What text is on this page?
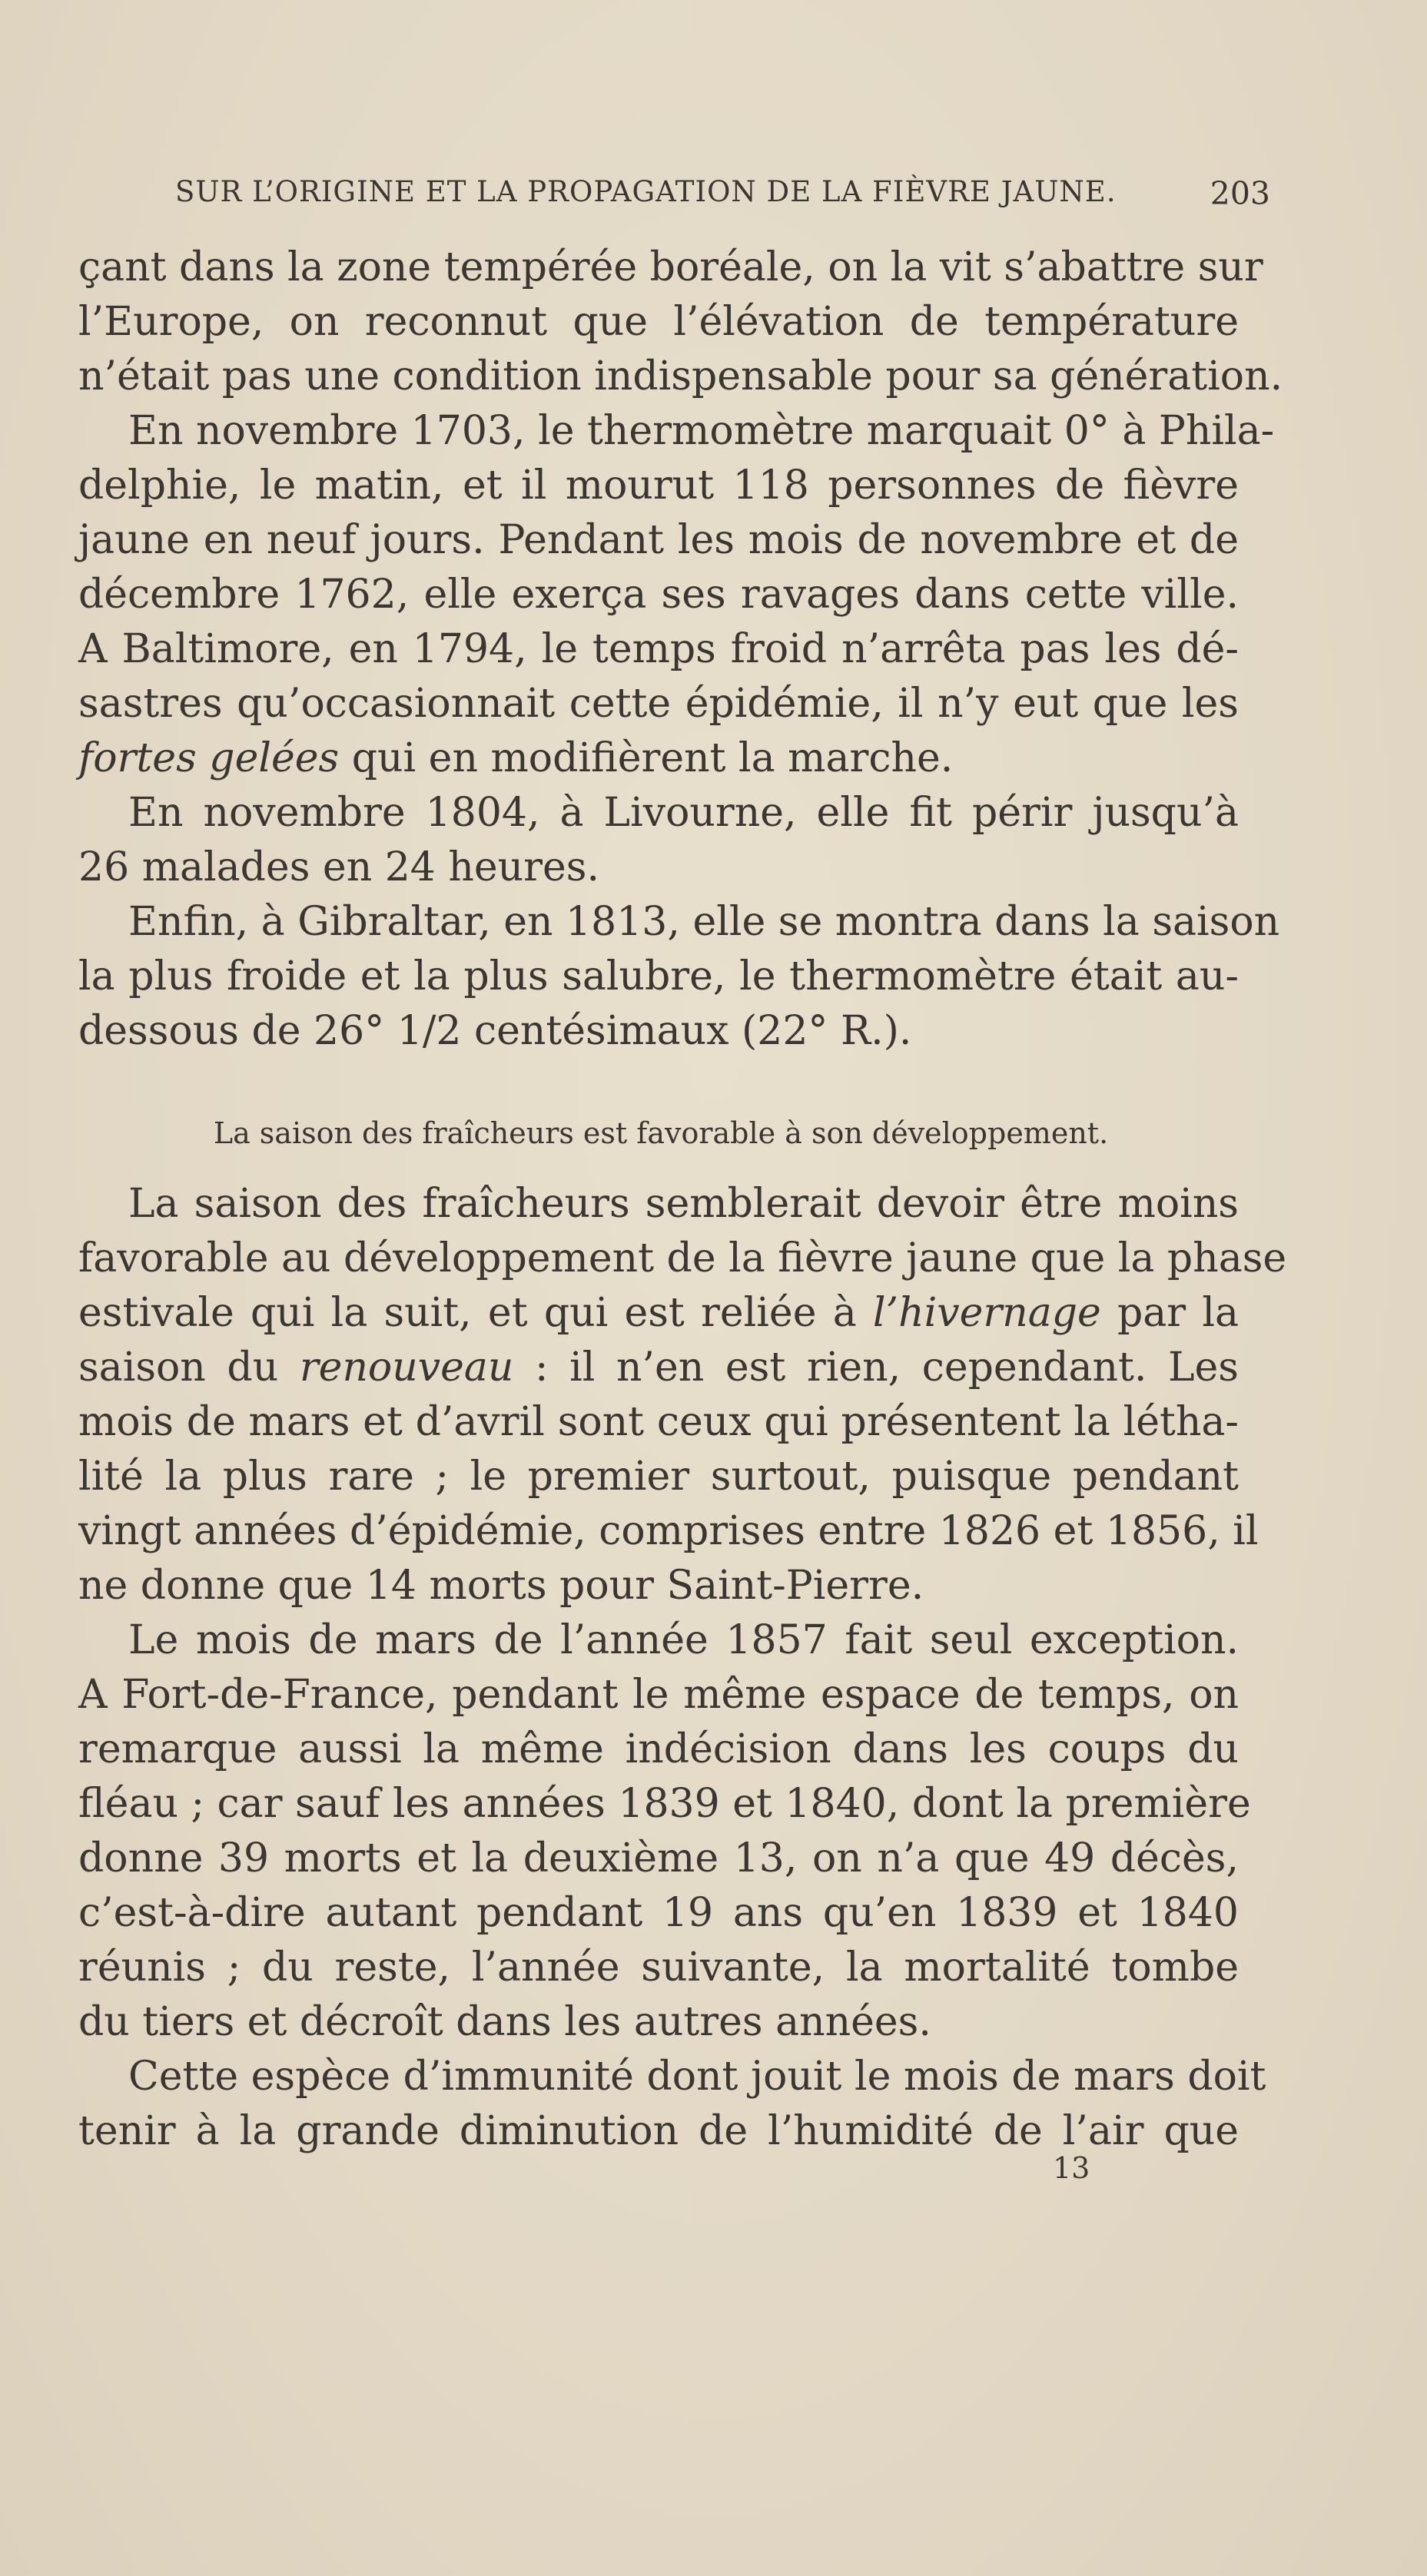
SUR L’ORIGINE ET LA PROPAGATION DE LA FIÈVRE JAUNE.	203
çant dans la zone tempérée boréale, on la vit s’abattre sur
l’Europe, on reconnut que l’élévation de température
n’était pas une condition indispensable pour sa génération.
En novembre 1703, le thermomètre marquait 0° à Phila-
delphie, le matin, et il mourut 118 personnes de fièvre
jaune en neuf jours. Pendant les mois de novembre et de
décembre 1762, elle exerça ses ravages dans cette ville.
A Baltimore, en 1794, le temps froid n’arrêta pas les dé-
sastres qu’occasionnait cette épidémie, il n’y eut que les
fortes gelées qui en modifièrent la marche.
En novembre 1804, à Livourne, elle fit périr jusqu’à
26 malades en 24 heures.
Enfin, à Gibraltar, en 1813, elle se montra dans la saison
la plus froide et la plus salubre, le thermomètre était au-
dessous de 26° 1/2 centésimaux (22° R.).
La saison des fraîcheurs est favorable à son développement.
La saison des fraîcheurs semblerait devoir être moins
favorable au développement de la fièvre jaune que la phase
estivale qui la suit, et qui est reliée à l’hivernage par la
saison du renouveau : il n’en est rien, cependant. Les
mois de mars et d’avril sont ceux qui présentent la létha-
lité la plus rare ; le premier surtout, puisque pendant
vingt années d’épidémie, comprises entre 1826 et 1856, il
ne donne que 14 morts pour Saint-Pierre.
Le mois de mars de l’année 1857 fait seul exception.
A Fort-de-France, pendant le même espace de temps, on
remarque aussi la même indécision dans les coups du
fléau ; car sauf les années 1839 et 1840, dont la première
donne 39 morts et la deuxième 13, on n’a que 49 décès,
c’est-à-dire autant pendant 19 ans qu’en 1839 et 1840
réunis ; du reste, l’année suivante, la mortalité tombe
du tiers et décroît dans les autres années.
Cette espèce d’immunité dont jouit le mois de mars doit
tenir à la grande diminution de l’humidité de l’air que
13
